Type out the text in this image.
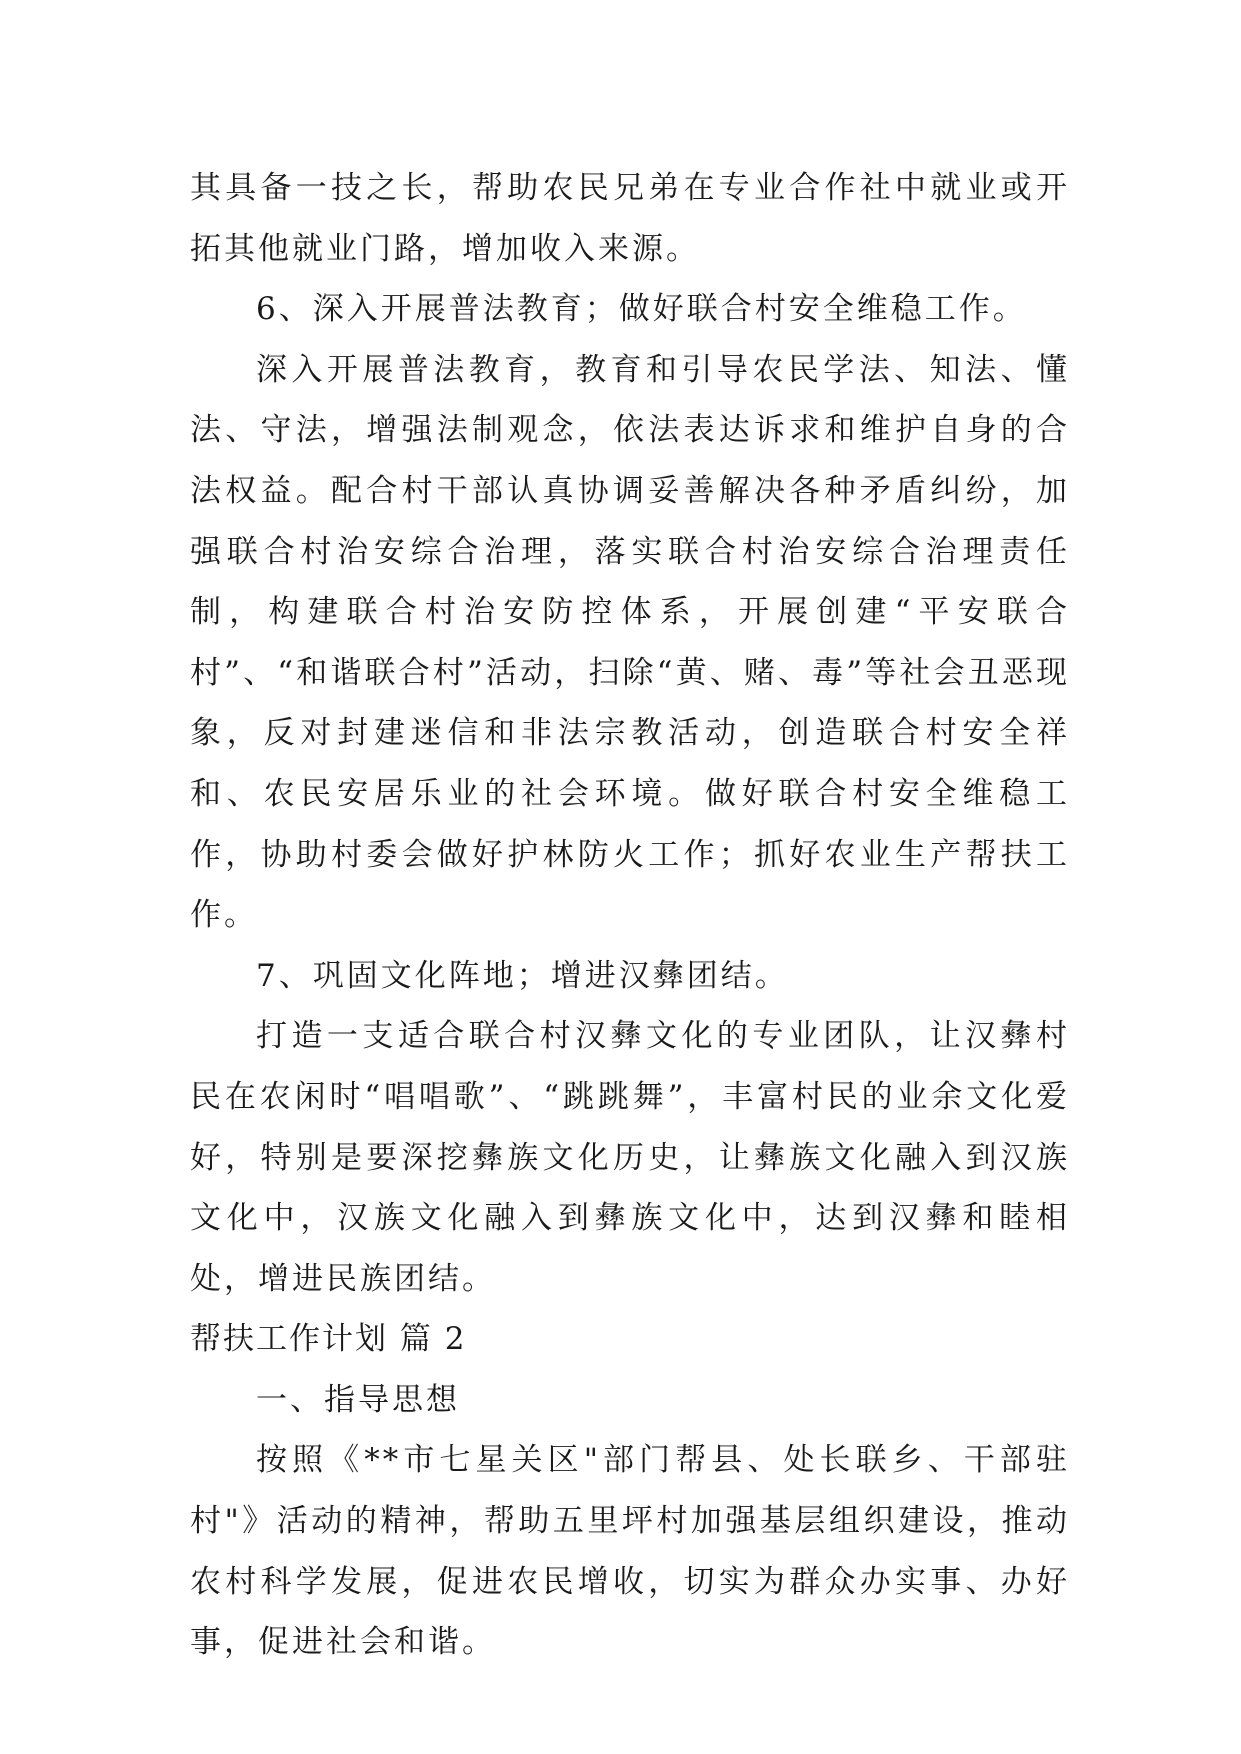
其具备一技之长，帮助农民兄弟在专业合作社中就业或开拓其他就业门路，增加收入来源。

6、深入开展普法教育；做好联合村安全维稳工作。

深入开展普法教育，教育和引导农民学法、知法、懂法、守法，增强法制观念，依法表达诉求和维护自身的合法权益。配合村干部认真协调妥善解决各种矛盾纠纷，加强联合村治安综合治理，落实联合村治安综合治理责任制，构建联合村治安防控体系，开展创建“平安联合村”、“和谐联合村”活动，扫除“黄、赌、毒”等社会丑恶现象，反对封建迷信和非法宗教活动，创造联合村安全祥和、农民安居乐业的社会环境。做好联合村安全维稳工作，协助村委会做好护林防火工作；抓好农业生产帮扶工作。

7、巩固文化阵地；增进汉彝团结。

打造一支适合联合村汉彝文化的专业团队，让汉彝村民在农闲时“唱唱歌”、“跳跳舞”，丰富村民的业余文化爱好，特别是要深挖彝族文化历史，让彝族文化融入到汉族文化中，汉族文化融入到彝族文化中，达到汉彝和睦相处，增进民族团结。

帮扶工作计划 篇 2

一、指导思想

按照《**市七星关区"部门帮县、处长联乡、干部驻村"》活动的精神，帮助五里坪村加强基层组织建设，推动农村科学发展，促进农民增收，切实为群众办实事、办好事，促进社会和谐。
